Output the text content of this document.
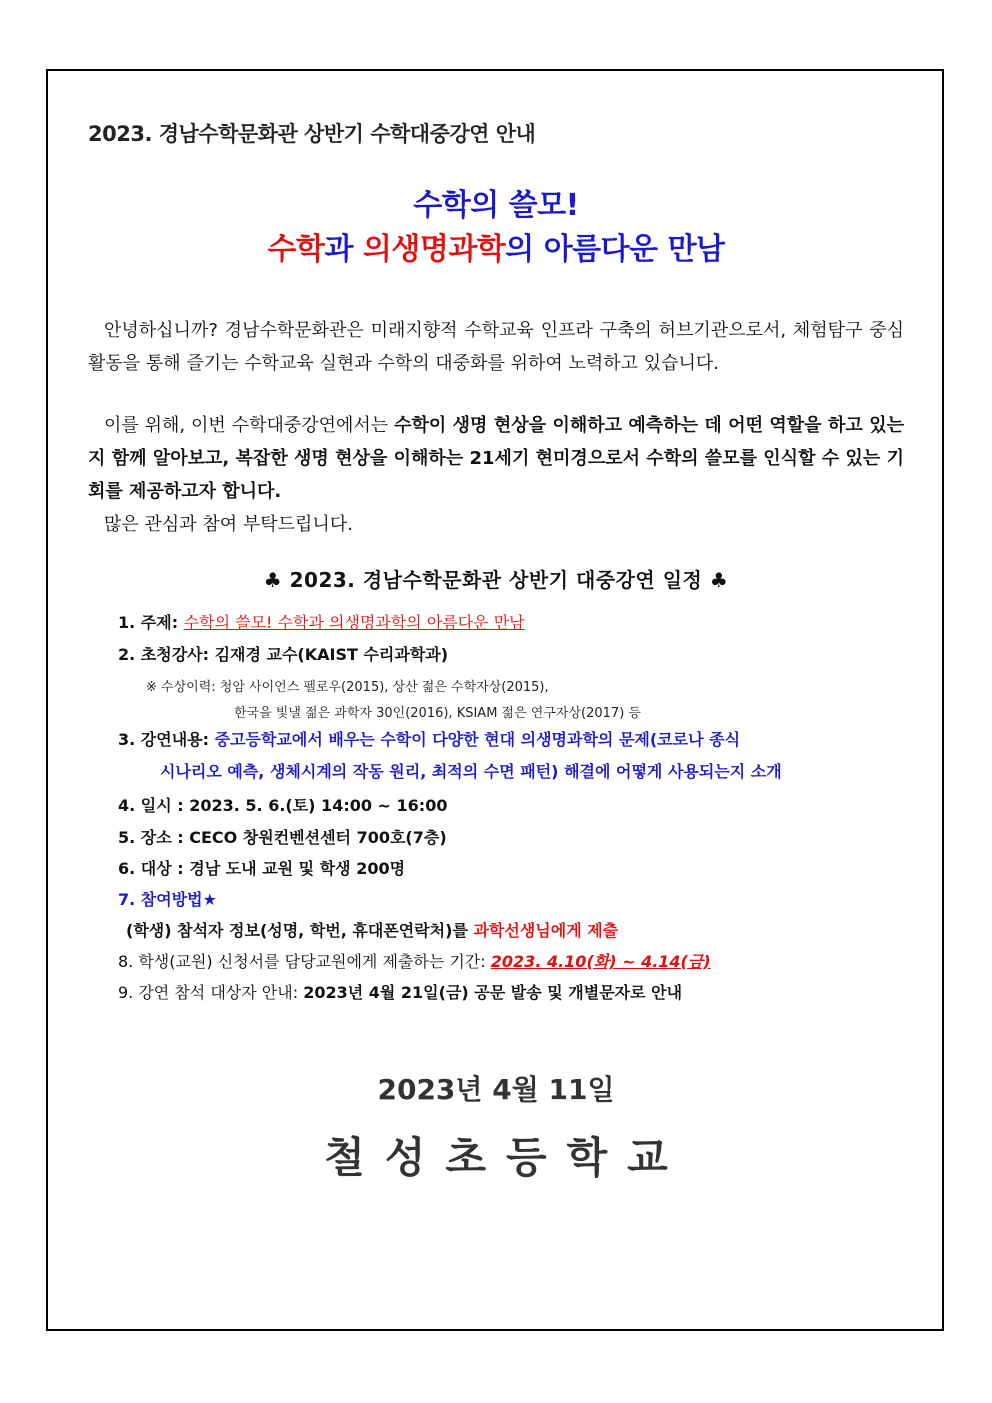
2023. 경남수학문화관 상반기 수학대중강연 안내
수학의 쓸모!
수학과 의생명과학의 아름다운 만남
안녕하십니까? 경남수학문화관은 미래지향적 수학교육 인프라 구축의 허브기관으로서, 체험탐구 중심 활동을 통해 즐기는 수학교육 실현과 수학의 대중화를 위하여 노력하고 있습니다.
이를 위해, 이번 수학대중강연에서는 수학이 생명 현상을 이해하고 예측하는 데 어떤 역할을 하고 있는지 함께 알아보고, 복잡한 생명 현상을 이해하는 21세기 현미경으로서 수학의 쓸모를 인식할 수 있는 기회를 제공하고자 합니다.
많은 관심과 참여 부탁드립니다.
♣ 2023. 경남수학문화관 상반기 대중강연 일정 ♣
1. 주제: 수학의 쓸모! 수학과 의생명과학의 아름다운 만남
2. 초청강사: 김재경 교수(KAIST 수리과학과)
※ 수상이력: 청암 사이언스 펠로우(2015), 상산 젊은 수학자상(2015),
한국을 빛낼 젊은 과학자 30인(2016), KSIAM 젊은 연구자상(2017) 등
3. 강연내용: 중고등학교에서 배우는 수학이 다양한 현대 의생명과학의 문제(코로나 종식
시나리오 예측, 생체시계의 작동 원리, 최적의 수면 패턴) 해결에 어떻게 사용되는지 소개
4. 일시 : 2023. 5. 6.(토) 14:00 ~ 16:00
5. 장소 : CECO 창원컨벤션센터 700호(7층)
6. 대상 : 경남 도내 교원 및 학생 200명
7. 참여방법★
(학생) 참석자 정보(성명, 학번, 휴대폰연락처)를 과학선생님에게 제출
8. 학생(교원) 신청서를 담당교원에게 제출하는 기간: 2023. 4.10(화) ~ 4.14(금)
9. 강연 참석 대상자 안내: 2023년 4월 21일(금) 공문 발송 및 개별문자로 안내
2023년 4월 11일
철성초등학교
